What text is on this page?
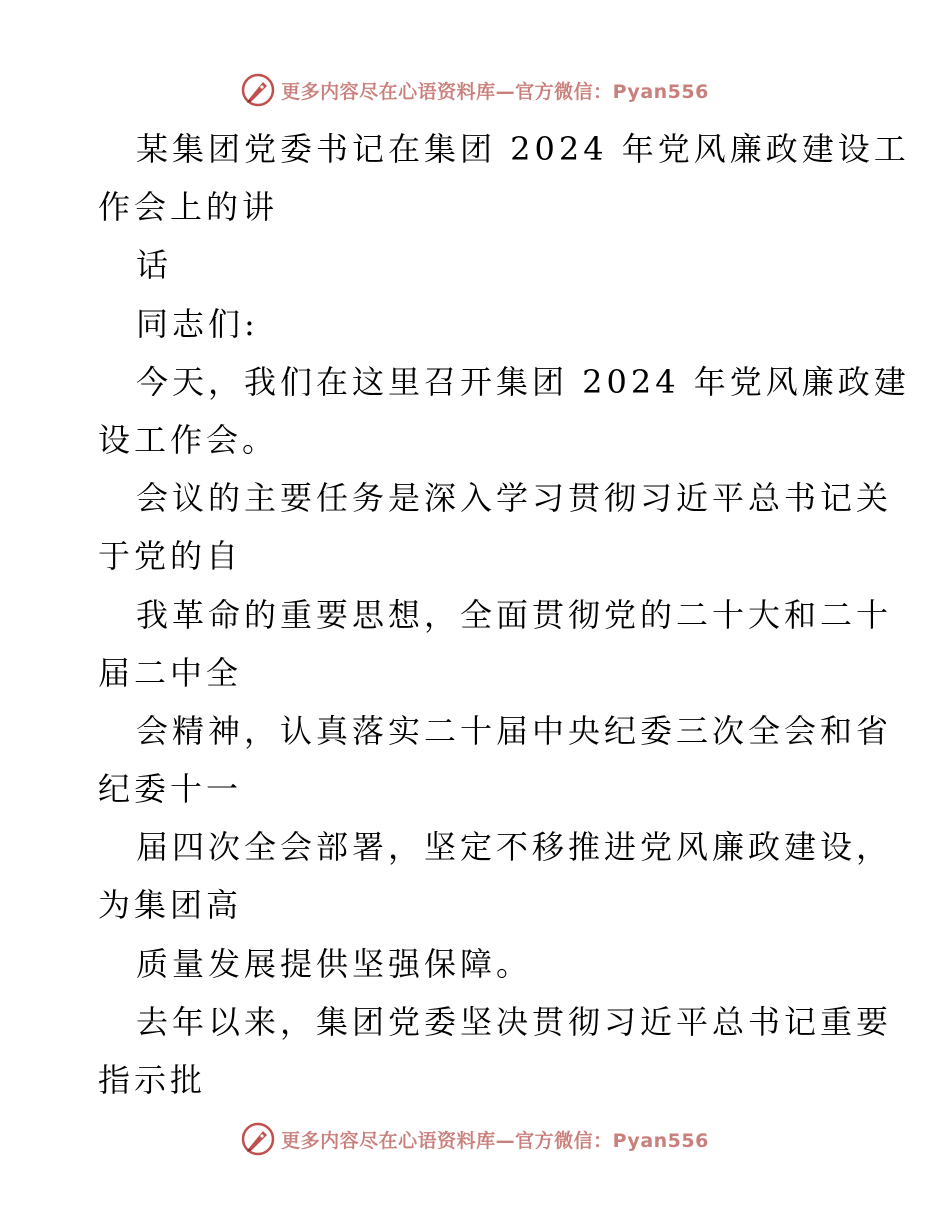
更多内容尽在心语资料库—官方微信：Pyan556
某集团党委书记在集团 2024 年党风廉政建设工
作会上的讲
话
同志们:
今天，我们在这里召开集团 2024 年党风廉政建
设工作会。
会议的主要任务是深入学习贯彻习近平总书记关
于党的自
我革命的重要思想，全面贯彻党的二十大和二十
届二中全
会精神，认真落实二十届中央纪委三次全会和省
纪委十一
届四次全会部署，坚定不移推进党风廉政建设，
为集团高
质量发展提供坚强保障。
去年以来，集团党委坚决贯彻习近平总书记重要
指示批
更多内容尽在心语资料库—官方微信：Pyan556
